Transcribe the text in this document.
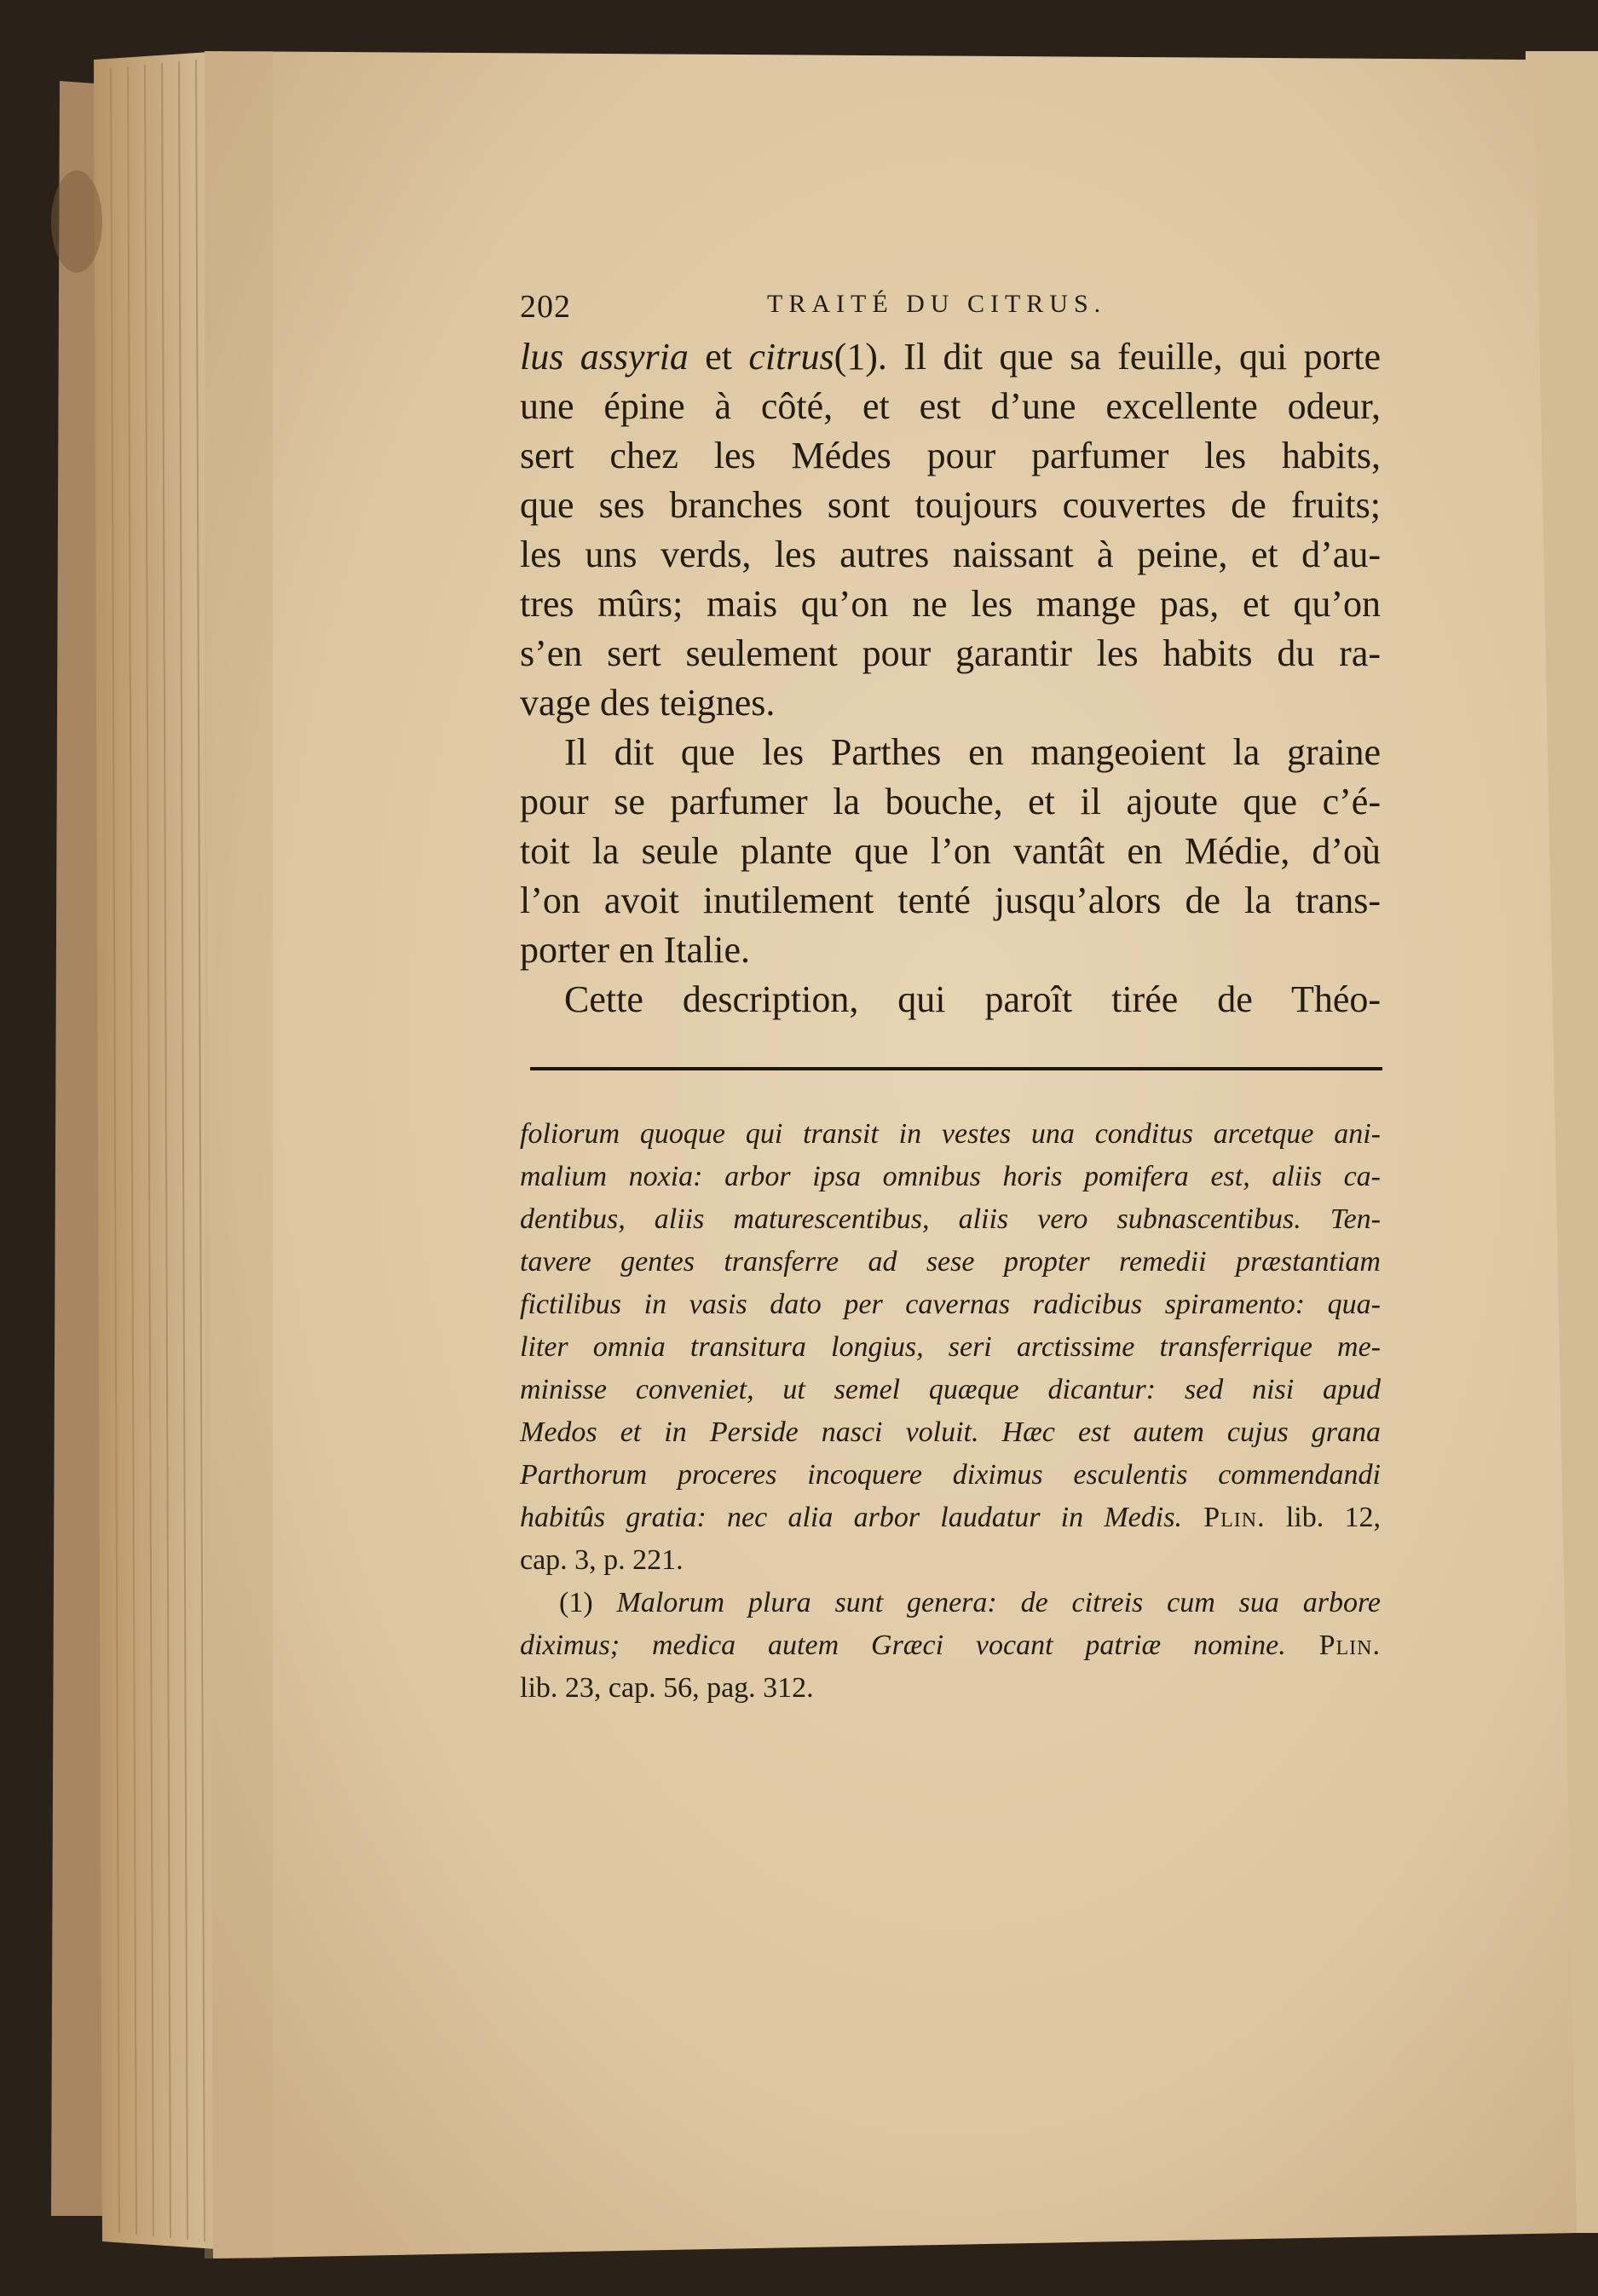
202	TRAITÉ DU CITRUS.
lus assyria et citrus(1). Il dit que sa feuille, qui porte
une épine à côté, et est d’une excellente odeur,
sert chez les Médes pour parfumer les habits,
que ses branches sont toujours couvertes de fruits;
les uns verds, les autres naissant à peine, et d’au-
tres mûrs; mais qu’on ne les mange pas, et qu’on
s’en sert seulement pour garantir les habits du ra-
vage des teignes.
Il dit que les Parthes en mangeoient la graine
pour se parfumer la bouche, et il ajoute que c’é-
toit la seule plante que l’on vantât en Médie, d’où
l’on avoit inutilement tenté jusqu’alors de la trans-
porter en Italie.
Cette description, qui paroît tirée de Théo-
foliorum quoque qui transit in vestes una conditus arcetque ani-
malium noxia: arbor ipsa omnibus horis pomifera est, aliis ca-
dentibus, aliis maturescentibus, aliis vero subnascentibus. Ten-
tavere gentes transferre ad sese propter remedii præstantiam
fictilibus in vasis dato per cavernas radicibus spiramento: qua-
liter omnia transitura longius, seri arctissime transferrique me-
minisse conveniet, ut semel quæque dicantur: sed nisi apud
Medos et in Perside nasci voluit. Hæc est autem cujus grana
Parthorum proceres incoquere diximus esculentis commendandi
habitûs gratia: nec alia arbor laudatur in Medis. Plin. lib. 12,
cap. 3, p. 221.
(1) Malorum plura sunt genera: de citreis cum sua arbore
diximus; medica autem Græci vocant patriæ nomine. Plin.
lib. 23, cap. 56, pag. 312.
